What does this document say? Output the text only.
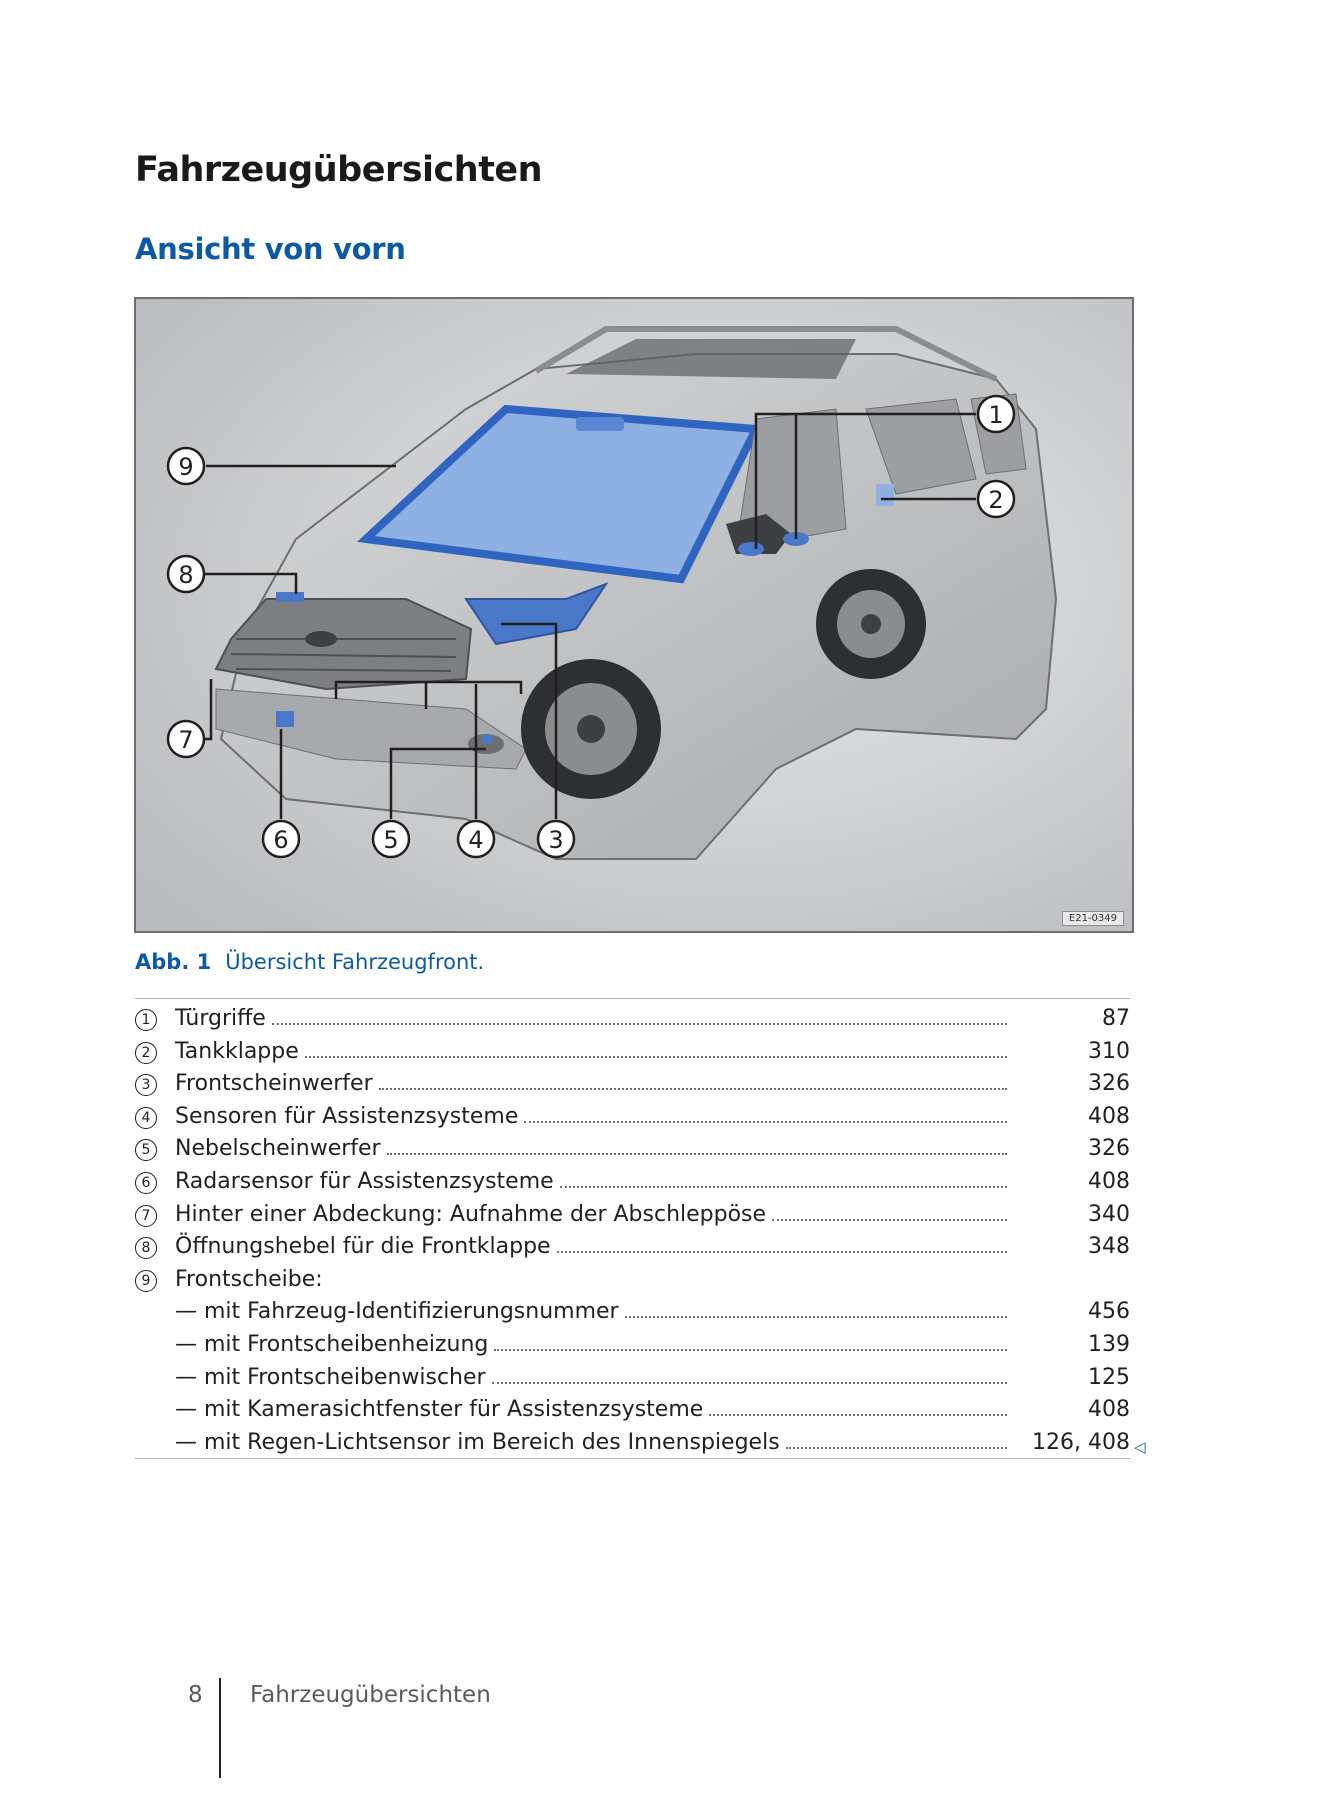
Fahrzeugübersichten
Ansicht von vorn
1
2
3
4
5
6
7
8
9
E21-0349
Abb. 1 Übersicht Fahrzeugfront.
1 Türgriffe	87
2 Tankklappe	310
3 Frontscheinwerfer	326
4 Sensoren für Assistenzsysteme	408
5 Nebelscheinwerfer	326
6 Radarsensor für Assistenzsysteme	408
7 Hinter einer Abdeckung: Aufnahme der Abschleppöse	340
8 Öffnungshebel für die Frontklappe	348
9 Frontscheibe:
— mit Fahrzeug-Identifizierungsnummer	456
— mit Frontscheibenheizung	139
— mit Frontscheibenwischer	125
— mit Kamerasichtfenster für Assistenzsysteme	408
— mit Regen-Lichtsensor im Bereich des Innenspiegels	126, 408 ◁
8 Fahrzeugübersichten
